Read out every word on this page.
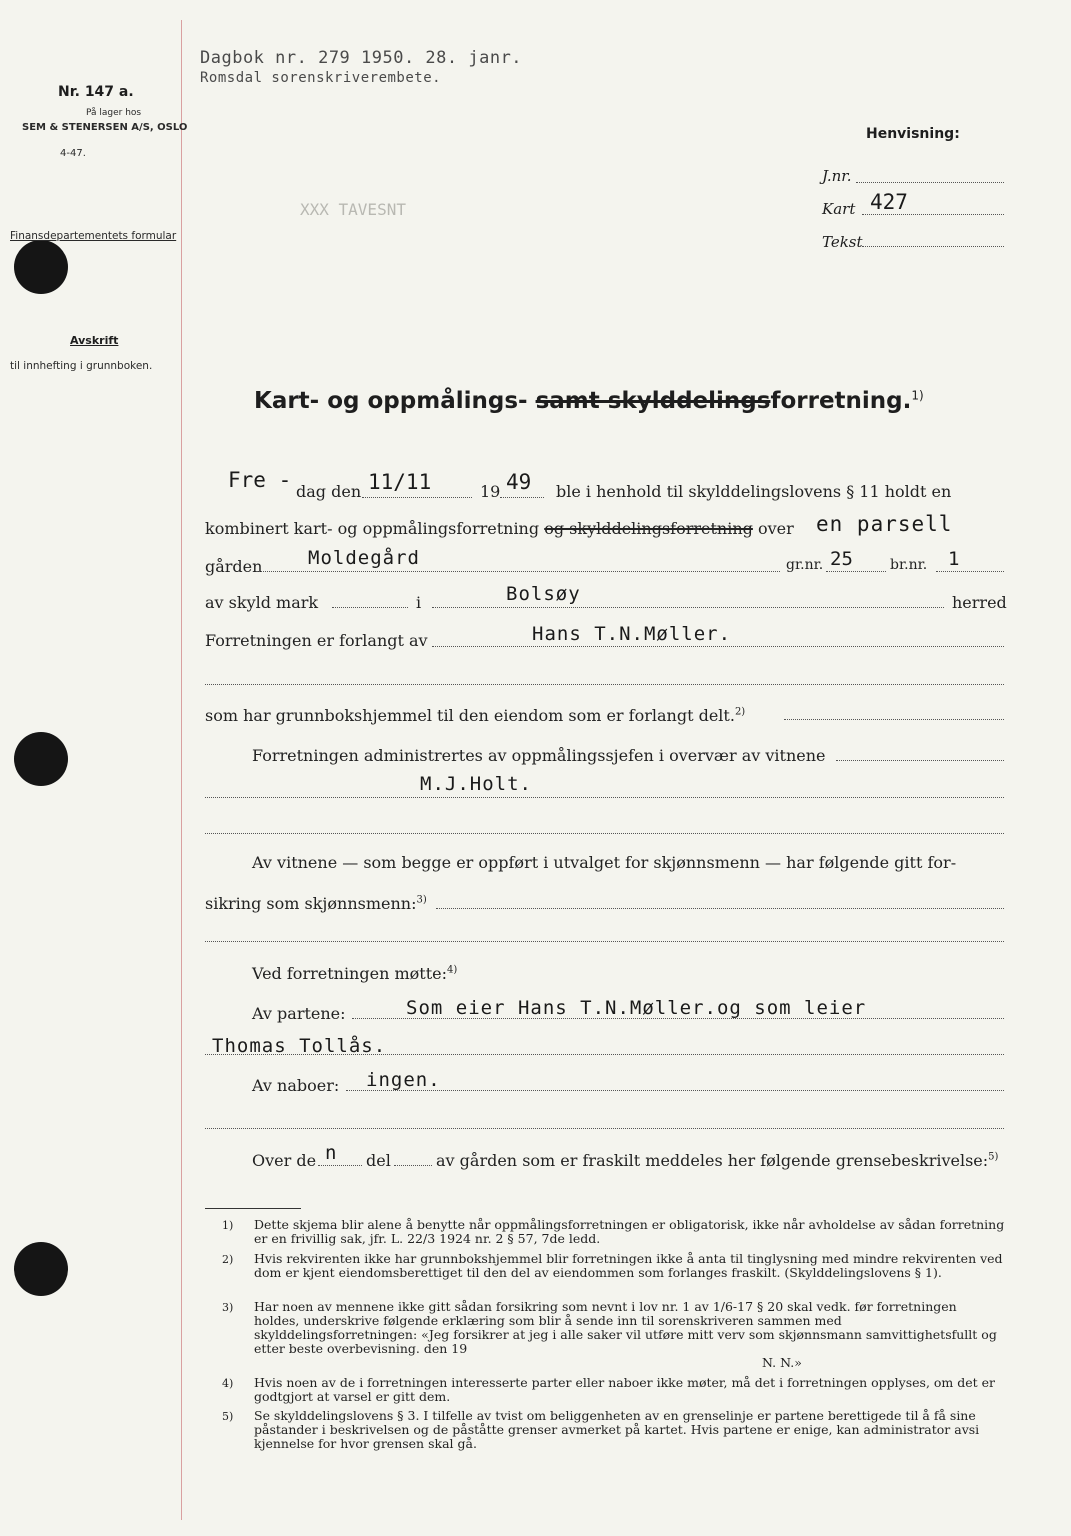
Nr. 147 a.
På lager hos
SEM & STENERSEN A/S, OSLO
4-47.
Finansdepartementets formular
Avskrift
til innhefting i grunnboken.
Dagbok nr. 279 1950. 28. janr.
Romsdal sorenskriverembete.
Henvisning:
J.nr.
Kart 427
Tekst
XXX TAVESNT
Kart- og oppmålings- samt skylddelingsforretning.$^{1)}$
Fre - dag den 11/11	19 49 ble i henhold til skylddelingslovens § 11 holdt en
kombinert kart- og oppmålingsforretning og skylddelingsforretning over en parsell
gården Moldegård	gr.nr. 25	br.nr. 1
av skyld mark	i	Bolsøy	herred
Forretningen er forlangt av	Hans T.N.Møller.
som har grunnbokshjemmel til den eiendom som er forlangt delt.$^{2)}$
Forretningen administrertes av oppmålingssjefen i overvær av vitnene
M.J.Holt.
Av vitnene — som begge er oppført i utvalget for skjønnsmenn — har følgende gitt for-
sikring som skjønnsmenn:$^{3)}$
Ved forretningen møtte:$^{4)}$
Av partene:	Som eier Hans T.N.Møller.og som leier
Thomas Tollås.
Av naboer: ingen.
Over de n del	av gården som er fraskilt meddeles her følgende grensebeskrivelse:$^{5)}$
1) Dette skjema blir alene å benytte når oppmålingsforretningen er obligatorisk, ikke når avholdelse av sådan forretning er en frivillig sak, jfr. L. 22/3 1924 nr. 2 § 57, 7de ledd.
2) Hvis rekvirenten ikke har grunnbokshjemmel blir forretningen ikke å anta til tinglysning med mindre rekvirenten ved dom er kjent eiendomsberettiget til den del av eiendommen som forlanges fraskilt. (Skylddelingslovens § 1).
3) Har noen av mennene ikke gitt sådan forsikring som nevnt i lov nr. 1 av 1/6-17 § 20 skal vedk. før forretningen holdes, underskrive følgende erklæring som blir å sende inn til sorenskriveren sammen med skylddelingsforretningen: «Jeg forsikrer at jeg i alle saker vil utføre mitt verv som skjønnsmann samvittighetsfullt og etter beste overbevisning. den 19
N. N.»
4) Hvis noen av de i forretningen interesserte parter eller naboer ikke møter, må det i forretningen opplyses, om det er godtgjort at varsel er gitt dem.
5) Se skylddelingslovens § 3. I tilfelle av tvist om beliggenheten av en grenselinje er partene berettigede til å få sine påstander i beskrivelsen og de påståtte grenser avmerket på kartet. Hvis partene er enige, kan administrator avsi kjennelse for hvor grensen skal gå.
